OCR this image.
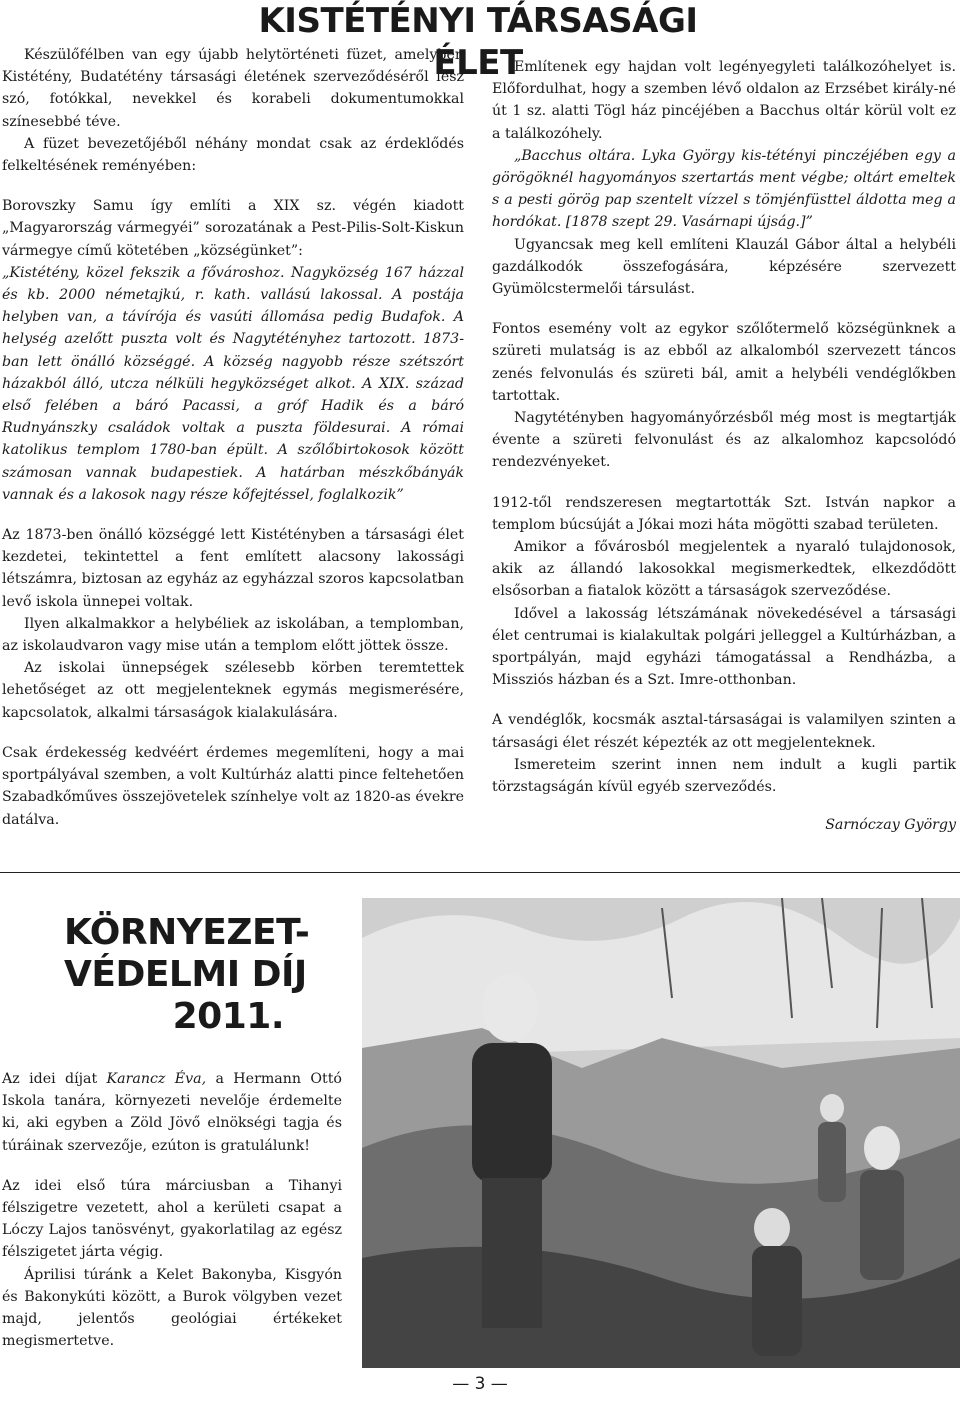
KISTÉTÉNYI TÁRSASÁGI ÉLET

Készülőfélben van egy újabb helytörténeti füzet, amelyben Kistétény, Budatétény társasági életének szerveződéséről lesz szó, fotókkal, nevekkel és korabeli dokumentumokkal színesebbé téve.

A füzet bevezetőjéből néhány mondat csak az érdeklődés felkeltésének reményében:

Borovszky Samu így említi a XIX sz. végén kiadott „Magyarország vármegyéi” sorozatának a Pest-Pilis-Solt-Kiskun vármegye című kötetében „községünket”:

„Kistétény, közel fekszik a fővároshoz. Nagyközség 167 házzal és kb. 2000 németajkú, r. kath. vallású lakossal. A postája helyben van, a távírója és vasúti állomása pedig Budafok. A helység azelőtt puszta volt és Nagytétényhez tartozott. 1873-ban lett önálló községgé. A község nagyobb része szétszórt házakból álló, utcza nélküli hegyközséget alkot. A XIX. század első felében a báró Pacassi, a gróf Hadik és a báró Rudnyánszky családok voltak a puszta földesurai. A római katolikus templom 1780-ban épült. A szőlőbirtokosok között számosan vannak budapestiek. A határban mészkőbányák vannak és a lakosok nagy része kőfejtéssel, foglalkozik”

Az 1873-ben önálló községgé lett Kistétényben a társasági élet kezdetei, tekintettel a fent említett alacsony lakossági létszámra, biztosan az egyház az egyházzal szoros kapcsolatban levő iskola ünnepei voltak.

Ilyen alkalmakkor a helybéliek az iskolában, a templomban, az iskolaudvaron vagy mise után a templom előtt jöttek össze.

Az iskolai ünnepségek szélesebb körben teremtettek lehetőséget az ott megjelenteknek egymás megismerésére, kapcsolatok, alkalmi társaságok kialakulására.

Csak érdekesség kedvéért érdemes megemlíteni, hogy a mai sportpályával szemben, a volt Kultúrház alatti pince feltehetően Szabadkőműves összejövetelek színhelye volt az 1820-as évekre datálva.

Említenek egy hajdan volt legényegyleti találkozóhelyet is. Előfordulhat, hogy a szemben lévő oldalon az Erzsébet király-né út 1 sz. alatti Tögl ház pincéjében a Bacchus oltár körül volt ez a találkozóhely.

„Bacchus oltára. Lyka György kis-tétényi pinczéjében egy a görögöknél hagyományos szertartás ment végbe; oltárt emeltek s a pesti görög pap szentelt vízzel s tömjénfüsttel áldotta meg a hordókat. [1878 szept 29. Vasárnapi újság.]”

Ugyancsak meg kell említeni Klauzál Gábor által a helybéli gazdálkodók összefogására, képzésére szervezett Gyümölcstermelői társulást.

Fontos esemény volt az egykor szőlőtermelő községünknek a szüreti mulatság is az ebből az alkalomból szervezett táncos zenés felvonulás és szüreti bál, amit a helybéli vendéglőkben tartottak.

Nagytétényben hagyományőrzésből még most is megtartják évente a szüreti felvonulást és az alkalomhoz kapcsolódó rendezvényeket.

1912-től rendszeresen megtartották Szt. István napkor a templom búcsúját a Jókai mozi háta mögötti szabad területen.

Amikor a fővárosból megjelentek a nyaraló tulajdonosok, akik az állandó lakosokkal megismerkedtek, elkezdődött elsősorban a fiatalok között a társaságok szerveződése.

Idővel a lakosság létszámának növekedésével a társasági élet centrumai is kialakultak polgári jelleggel a Kultúrházban, a sportpályán, majd egyházi támogatással a Rendházba, a Missziós házban és a Szt. Imre-otthonban.

A vendéglők, kocsmák asztal-társaságai is valamilyen szinten a társasági élet részét képezték az ott megjelenteknek.

Ismereteim szerint innen nem indult a kugli partik törzstagságán kívül egyéb szerveződés.

Sarnóczay György

KÖRNYEZET-
VÉDELMI DÍJ
2011.

Az idei díjat Karancz Éva, a Hermann Ottó Iskola tanára, környezeti nevelője érdemelte ki, aki egyben a Zöld Jövő elnökségi tagja és túráinak szervezője, ezúton is gratulálunk!

Az idei első túra márciusban a Tihanyi félszigetre vezetett, ahol a kerületi csapat a Lóczy Lajos tanösvényt, gyakorlatilag az egész félszigetet járta végig.

Áprilisi túránk a Kelet Bakonyba, Kisgyón és Bakonykúti között, a Burok völgyben vezet majd, jelentős geológiai értékeket megismertetve.

— 3 —
